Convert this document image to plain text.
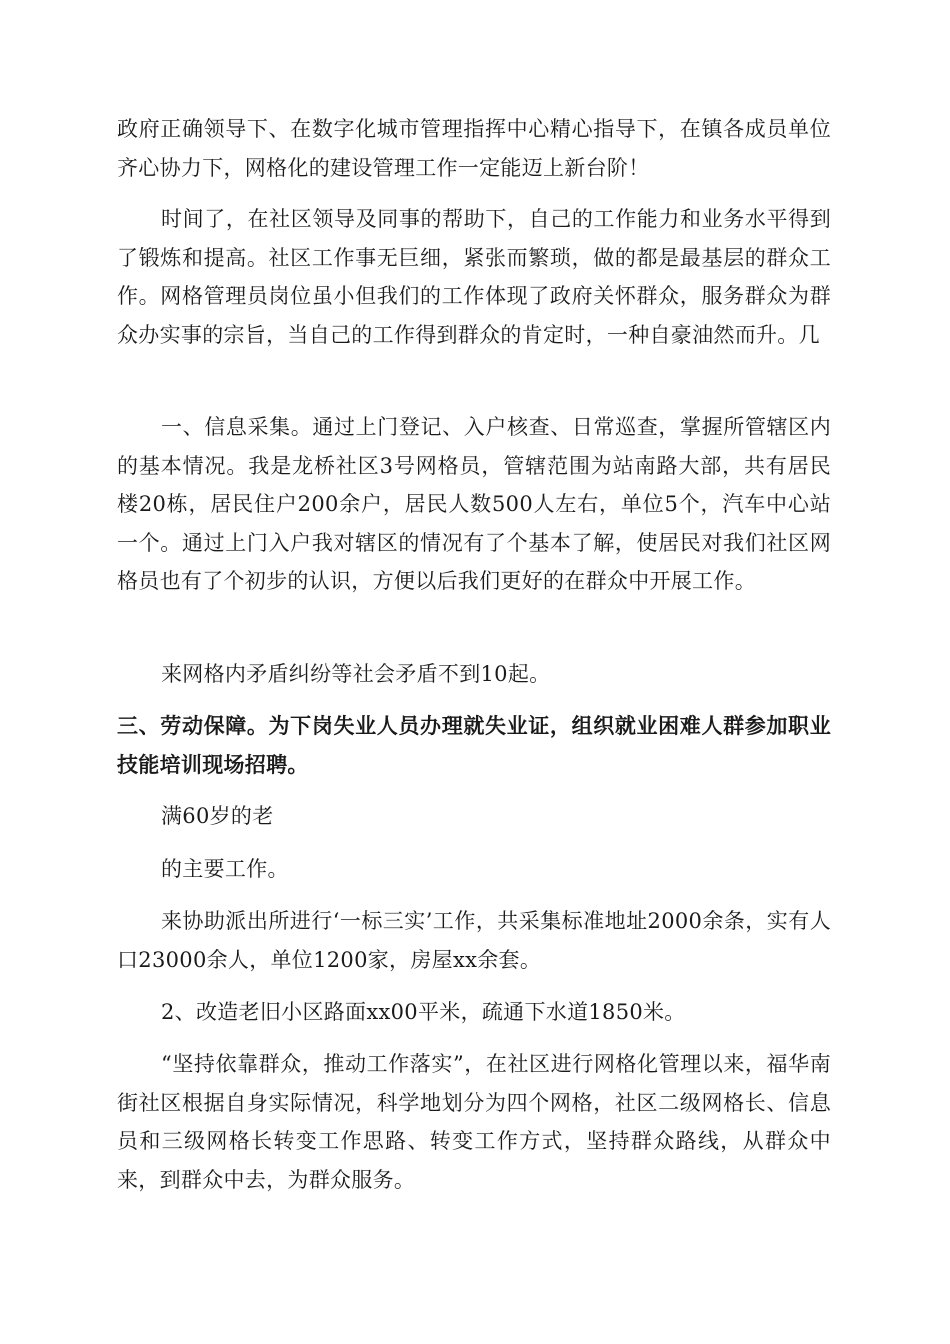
政府正确领导下、在数字化城市管理指挥中心精心指导下，在镇各成员单位齐心协力下，网格化的建设管理工作一定能迈上新台阶！

时间了，在社区领导及同事的帮助下，自己的工作能力和业务水平得到了锻炼和提高。社区工作事无巨细，紧张而繁琐，做的都是最基层的群众工作。网格管理员岗位虽小但我们的工作体现了政府关怀群众，服务群众为群众办实事的宗旨，当自己的工作得到群众的肯定时，一种自豪油然而升。几

一、信息采集。通过上门登记、入户核查、日常巡查，掌握所管辖区内的基本情况。我是龙桥社区3号网格员，管辖范围为站南路大部，共有居民楼20栋，居民住户200余户，居民人数500人左右，单位5个，汽车中心站一个。通过上门入户我对辖区的情况有了个基本了解，使居民对我们社区网格员也有了个初步的认识，方便以后我们更好的在群众中开展工作。

来网格内矛盾纠纷等社会矛盾不到10起。

三、劳动保障。为下岗失业人员办理就失业证，组织就业困难人群参加职业技能培训现场招聘。

满60岁的老

的主要工作。

来协助派出所进行‘一标三实’工作，共采集标准地址2000余条，实有人口23000余人，单位1200家，房屋xx余套。

2、改造老旧小区路面xx00平米，疏通下水道1850米。

“坚持依靠群众，推动工作落实”，在社区进行网格化管理以来，福华南街社区根据自身实际情况，科学地划分为四个网格，社区二级网格长、信息员和三级网格长转变工作思路、转变工作方式，坚持群众路线，从群众中来，到群众中去，为群众服务。
